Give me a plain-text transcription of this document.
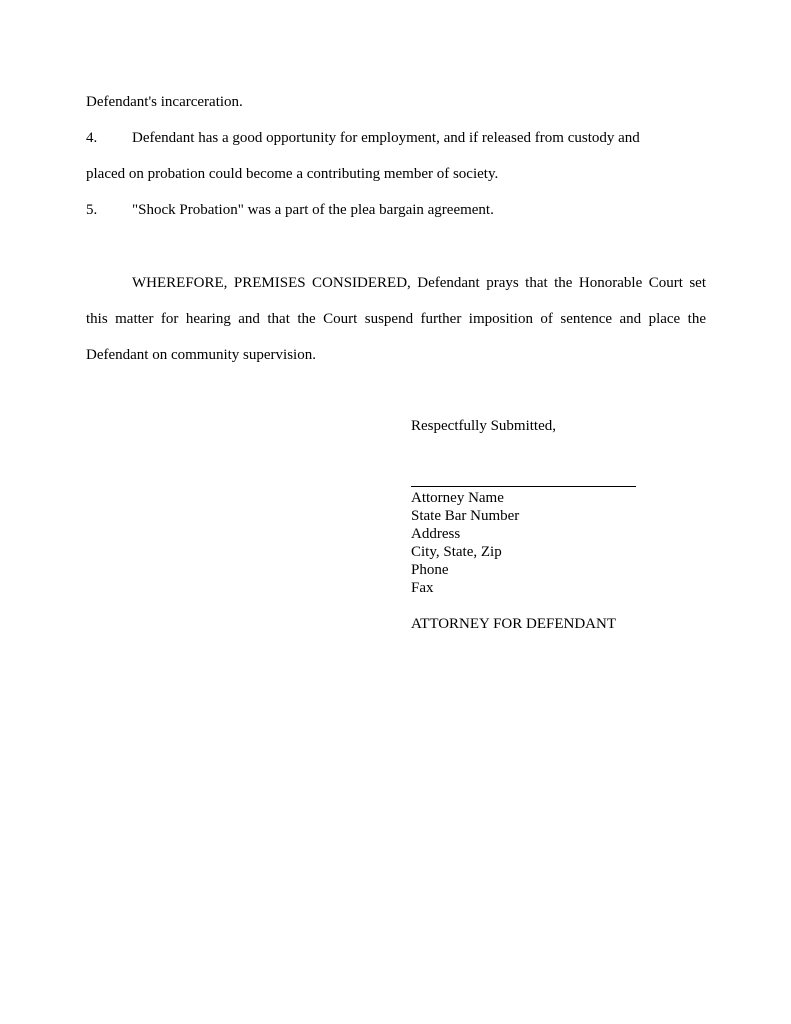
Defendant's incarceration.
4. Defendant has a good opportunity for employment, and if released from custody and
placed on probation could become a contributing member of society.
5. "Shock Probation" was a part of the plea bargain agreement.
WHEREFORE, PREMISES CONSIDERED, Defendant prays that the Honorable Court set
this matter for hearing and that the Court suspend further imposition of sentence and place the
Defendant on community supervision.
Respectfully Submitted,
Attorney Name
State Bar Number
Address
City, State, Zip
Phone
Fax
ATTORNEY FOR DEFENDANT
